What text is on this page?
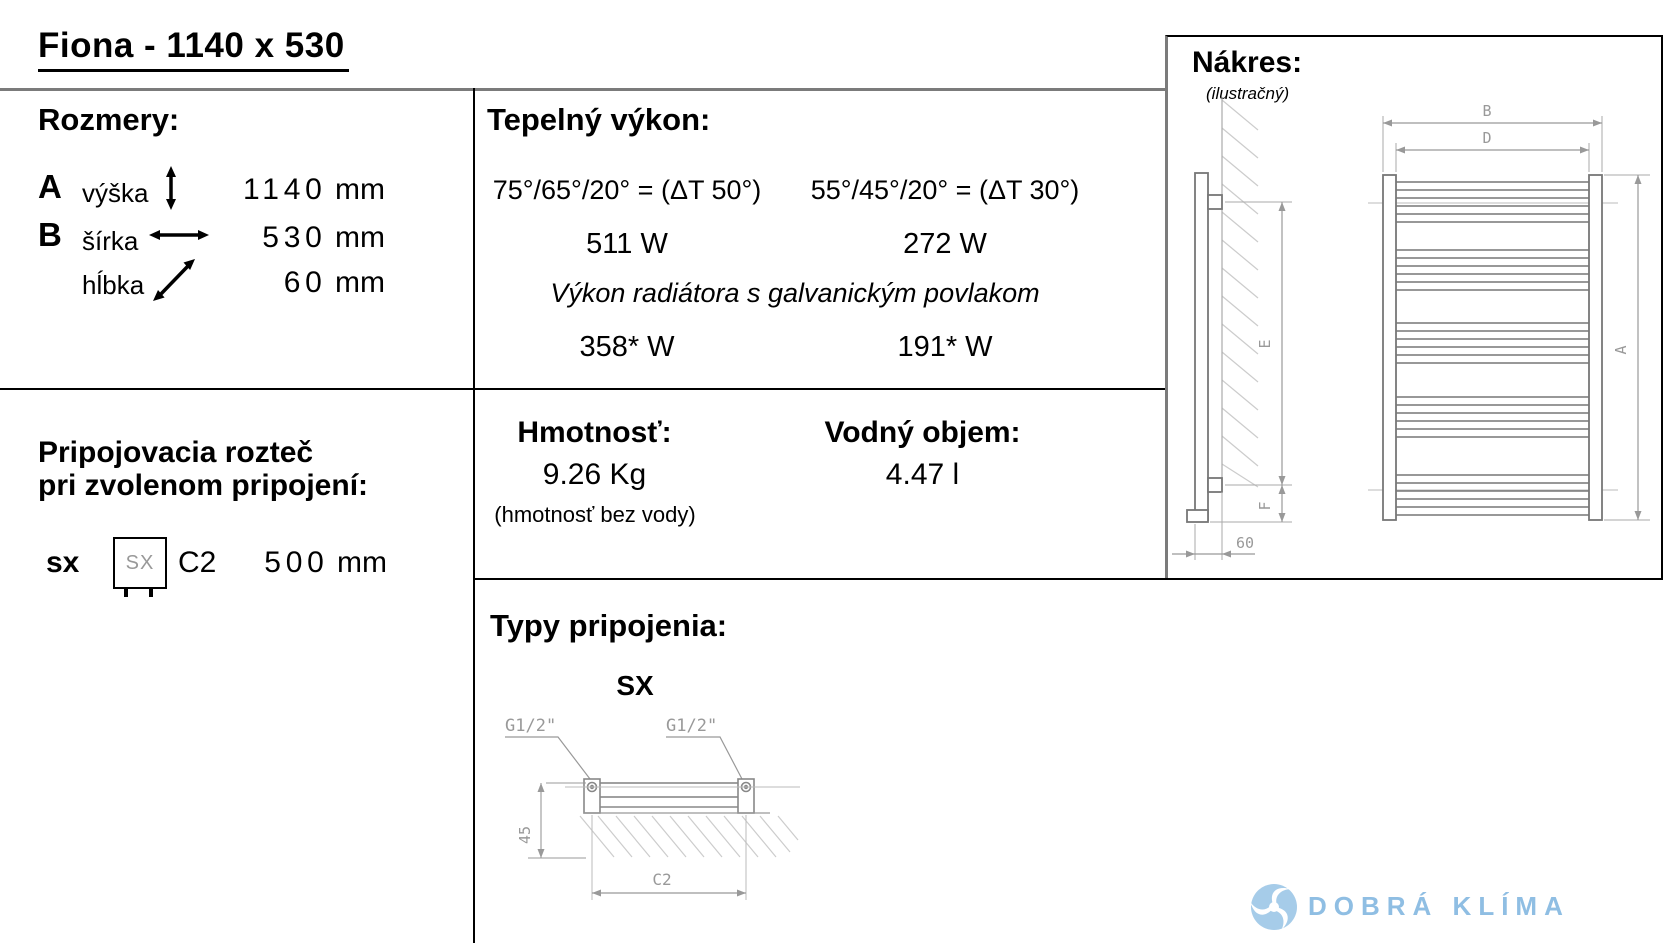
Fiona - 1140 x 530
Rozmery:
A výška	1140 mm
B šírka	530 mm
hĺbka	60 mm
Tepelný výkon:
75°/65°/20° = (ΔT 50°)	55°/45°/20° = (ΔT 30°)
511 W	272 W
Výkon radiátora s galvanickým povlakom
358* W	191* W
Pripojovacia rozteč
pri zvolenom pripojení:
sx SX C2	500 mm
Hmotnosť:
9.26 Kg
(hmotnosť bez vody)
Vodný objem:
4.47 l
Typy pripojenia:
SX
G1/2"	G1/2"
45
C2
Nákres:
(ilustračný)
E
F
60
B
D
A
DOBRÁ KLÍMA
